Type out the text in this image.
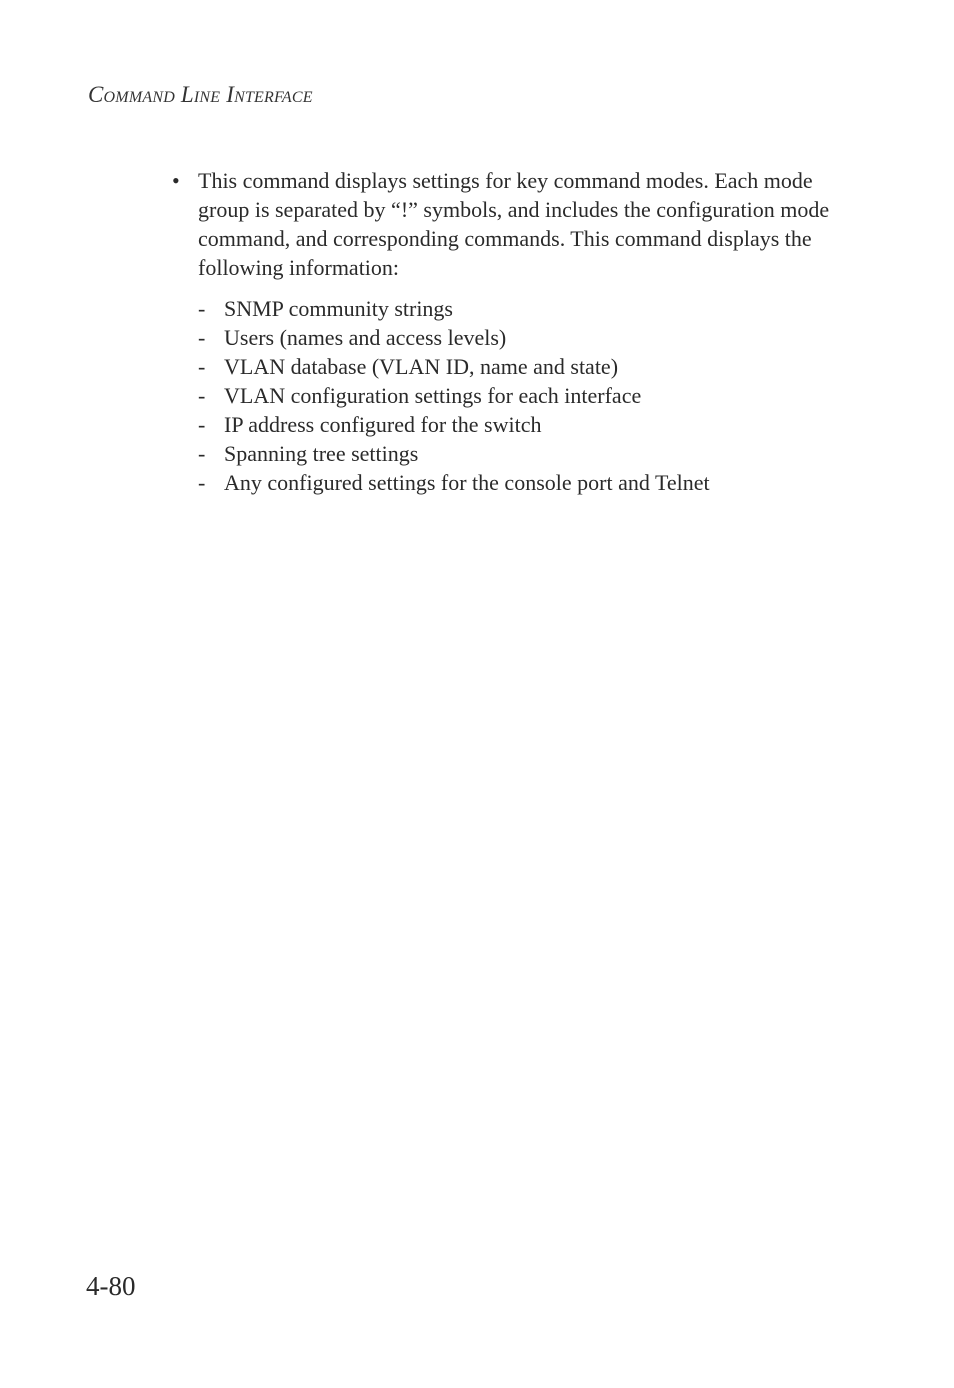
Command Line Interface
• This command displays settings for key command modes. Each mode group is separated by “!” symbols, and includes the configuration mode command, and corresponding commands. This command displays the following information:
- SNMP community strings
- Users (names and access levels)
- VLAN database (VLAN ID, name and state)
- VLAN configuration settings for each interface
- IP address configured for the switch
- Spanning tree settings
- Any configured settings for the console port and Telnet
4-80
